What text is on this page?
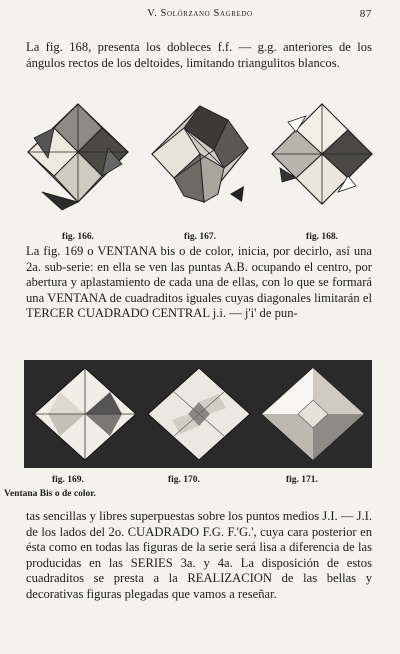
V. Solórzano Sagredo	87
La fig. 168, presenta los dobleces f.f. — g.g. anteriores de los ángulos rectos de los deltoides, limitando triangulitos blancos.
fig. 166.	fig. 167.	fig. 168.
La fig. 169 o VENTANA bis o de color, inicia, por decirlo, así una 2a. sub-serie: en ella se ven las puntas A.B. ocupando el centro, por abertura y aplastamiento de cada una de ellas, con lo que se formará una VENTANA de cuadraditos iguales cuyas diagonales limitarán el TERCER CUADRADO CENTRAL j.i. — j'i' de pun-
fig. 169.	fig. 170.	fig. 171.
Ventana Bis o de color.
tas sencillas y libres superpuestas sobre los puntos medios J.I. — J.I. de los lados del 2o. CUADRADO F.G. F.'G.', cuya cara posterior en ésta como en todas las figuras de la serie será lisa a diferencia de las producidas en las SERIES 3a. y 4a. La disposición de estos cuadraditos se presta a la REALIZACION de las bellas y decorativas figuras plegadas que vamos a reseñar.
